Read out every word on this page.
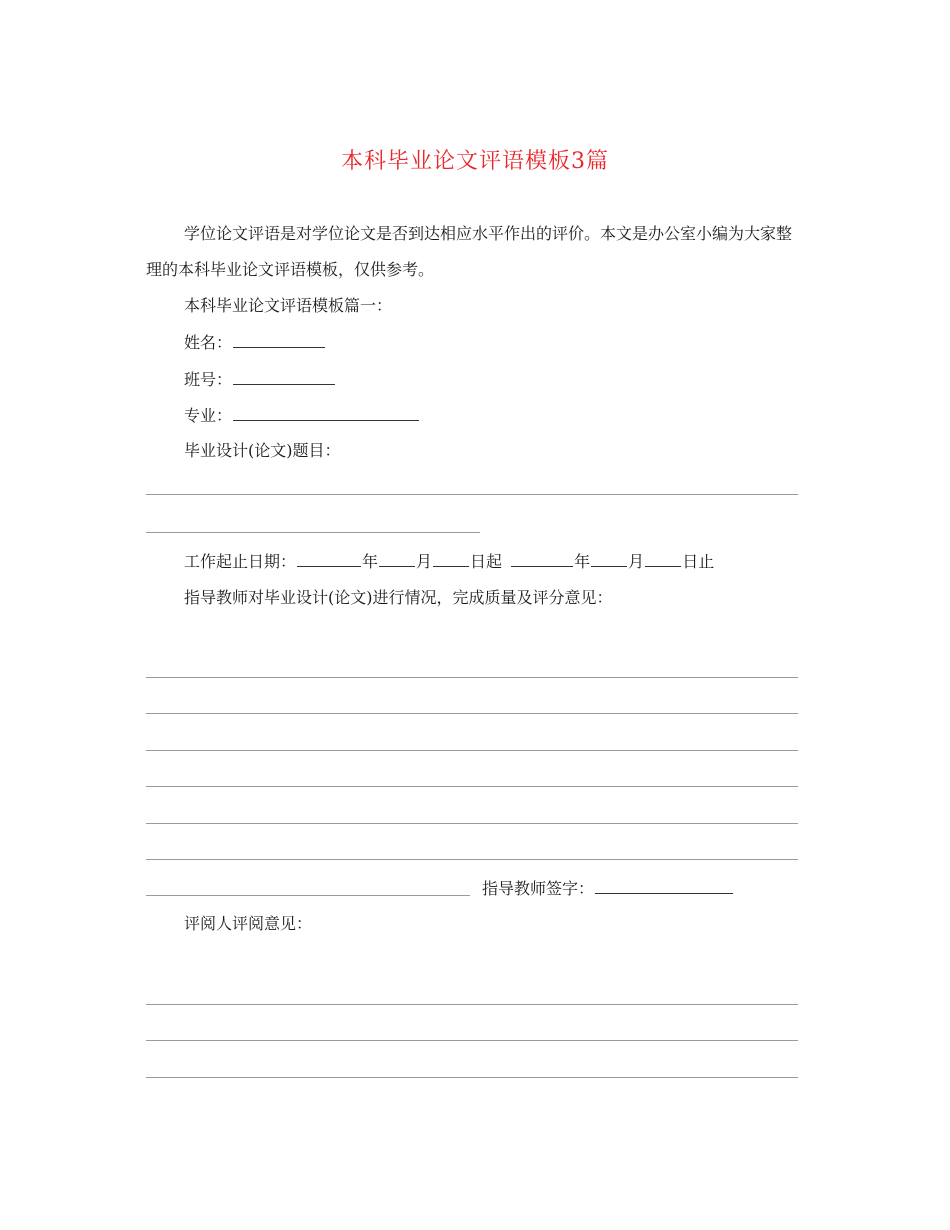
本科毕业论文评语模板3篇
学位论文评语是对学位论文是否到达相应水平作出的评价。本文是办公室小编为大家整理的本科毕业论文评语模板，仅供参考。
本科毕业论文评语模板篇一：
姓名：
班号：
专业：
毕业设计(论文)题目：
工作起止日期：	年 月 日起	年 月 日止
指导教师对毕业设计(论文)进行情况，完成质量及评分意见：
指导教师签字：
评阅人评阅意见：
